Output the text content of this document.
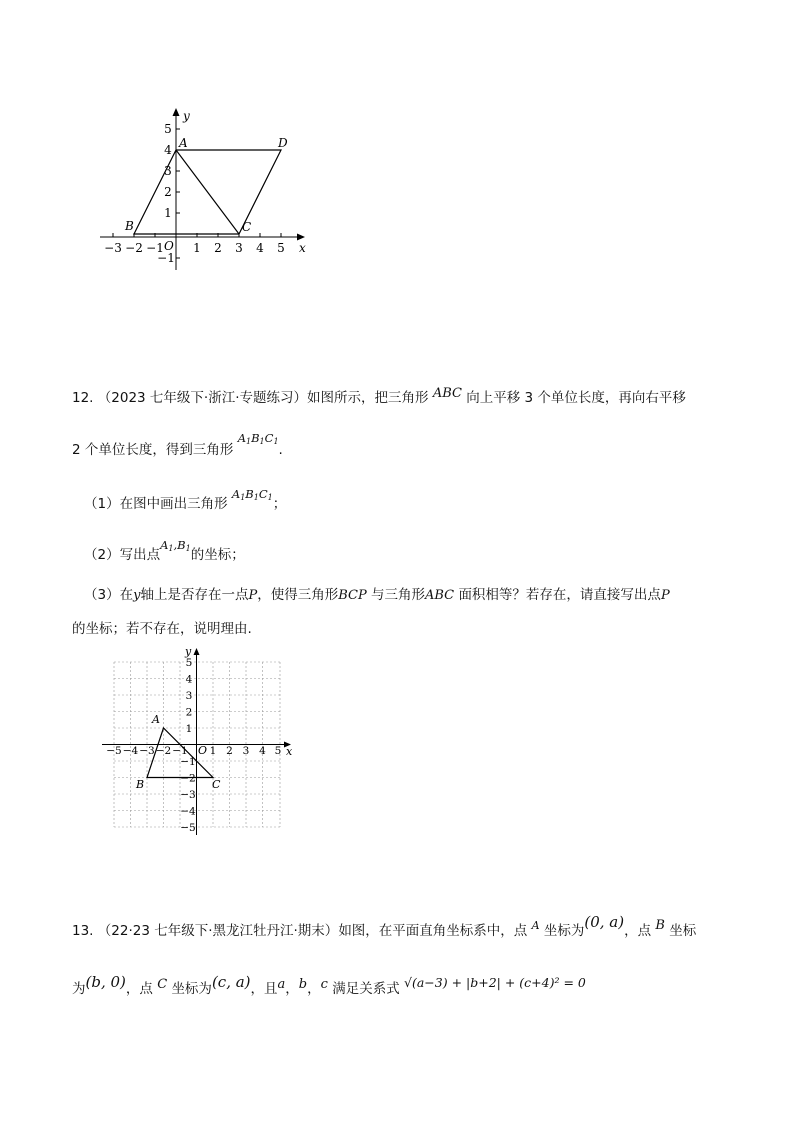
−3 −2 −1 1 2 3 4 5
5
4
3
2
1
−1
O	x
y
A	D
B	C
12. （2023 七年级下·浙江·专题练习）如图所示，把三角形 ABC 向上平移 3 个单位长度，再向右平移
2 个单位长度，得到三角形 $A_1B_1C_1$.
（1）在图中画出三角形 $A_1B_1C_1$；
（2）写出点$A_1,B_1$的坐标；
（3）在y轴上是否存在一点P，使得三角形BCP 与三角形ABC 面积相等？若存在，请直接写出点P
的坐标；若不存在，说明理由.
−5 −4 −3 −2 −1 1 2 3 4 5
5
4
3
2
1
−1
−2
−3
−4
−5
O	x
y
A
B	C
13. （22·23 七年级下·黑龙江牡丹江·期末）如图，在平面直角坐标系中，点 $^A$ 坐标为(0, a)，点 B 坐标
为(b, 0)，点 C 坐标为(c, a)，且a，b，c 满足关系式 √(a−3) + |b+2| + (c+4)² = 0
